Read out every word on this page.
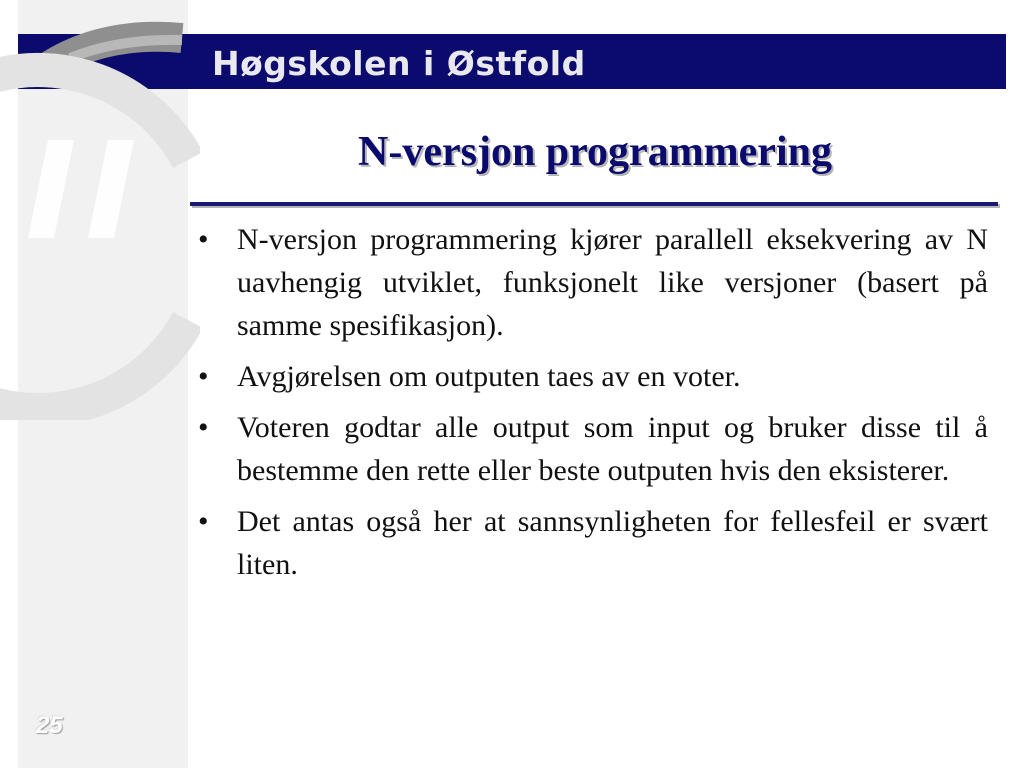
Høgskolen i Østfold
N-versjon programmering
• N-versjon programmering kjører parallell eksekvering av N uavhengig utviklet, funksjonelt like versjoner (basert på samme spesifikasjon).
• Avgjørelsen om outputen taes av en voter.
• Voteren godtar alle output som input og bruker disse til å bestemme den rette eller beste outputen hvis den eksisterer.
• Det antas også her at sannsynligheten for fellesfeil er svært liten.
25
